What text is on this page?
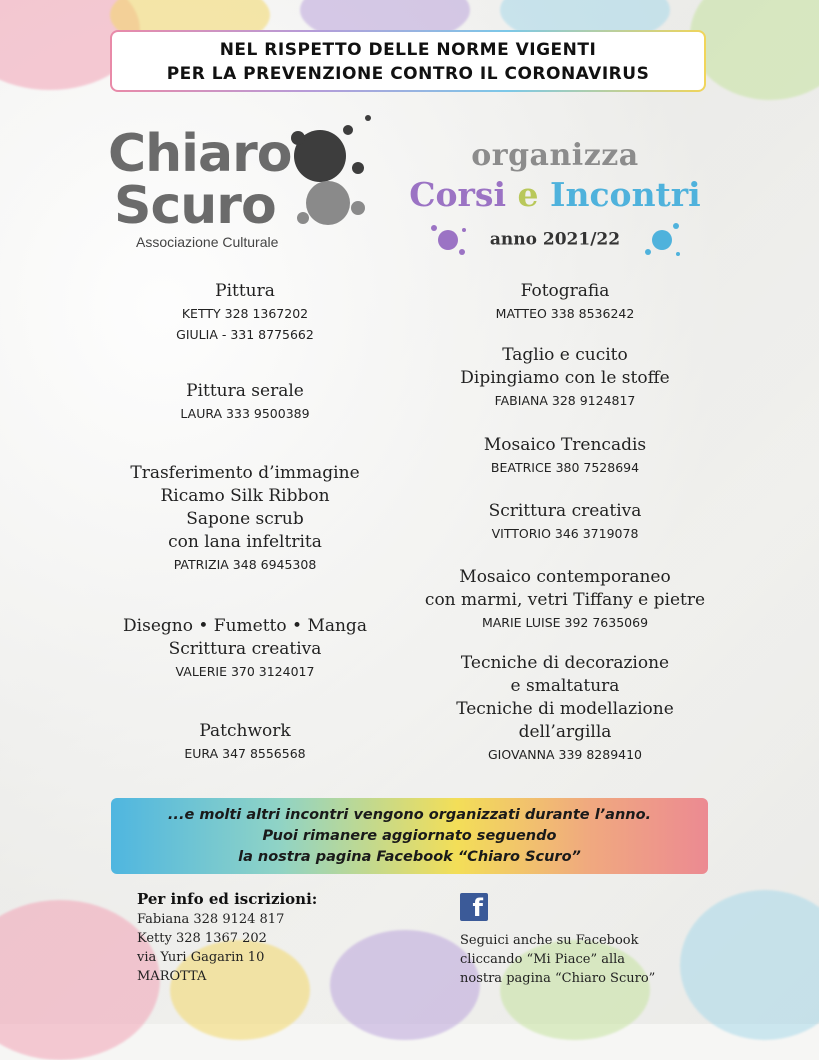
NEL RISPETTO DELLE NORME VIGENTI
PER LA PREVENZIONE CONTRO IL CORONAVIRUS
Chiaro
Scuro
Associazione Culturale
organizza
Corsi e Incontri
anno 2021/22
Pittura
KETTY 328 1367202
GIULIA - 331 8775662
Pittura serale
LAURA 333 9500389
Trasferimento d’immagine
Ricamo Silk Ribbon
Sapone scrub
con lana infeltrita
PATRIZIA 348 6945308
Disegno • Fumetto • Manga
Scrittura creativa
VALERIE 370 3124017
Patchwork
EURA 347 8556568
Fotografia
MATTEO 338 8536242
Taglio e cucito
Dipingiamo con le stoffe
FABIANA 328 9124817
Mosaico Trencadis
BEATRICE 380 7528694
Scrittura creativa
VITTORIO 346 3719078
Mosaico contemporaneo
con marmi, vetri Tiffany e pietre
MARIE LUISE 392 7635069
Tecniche di decorazione
e smaltatura
Tecniche di modellazione
dell’argilla
GIOVANNA 339 8289410
...e molti altri incontri vengono organizzati durante l’anno.
Puoi rimanere aggiornato seguendo
la nostra pagina Facebook “Chiaro Scuro”
Per info ed iscrizioni:
Fabiana 328 9124 817
Ketty 328 1367 202
via Yuri Gagarin 10
MAROTTA
f
Seguici anche su Facebook
cliccando “Mi Piace” alla
nostra pagina “Chiaro Scuro”
